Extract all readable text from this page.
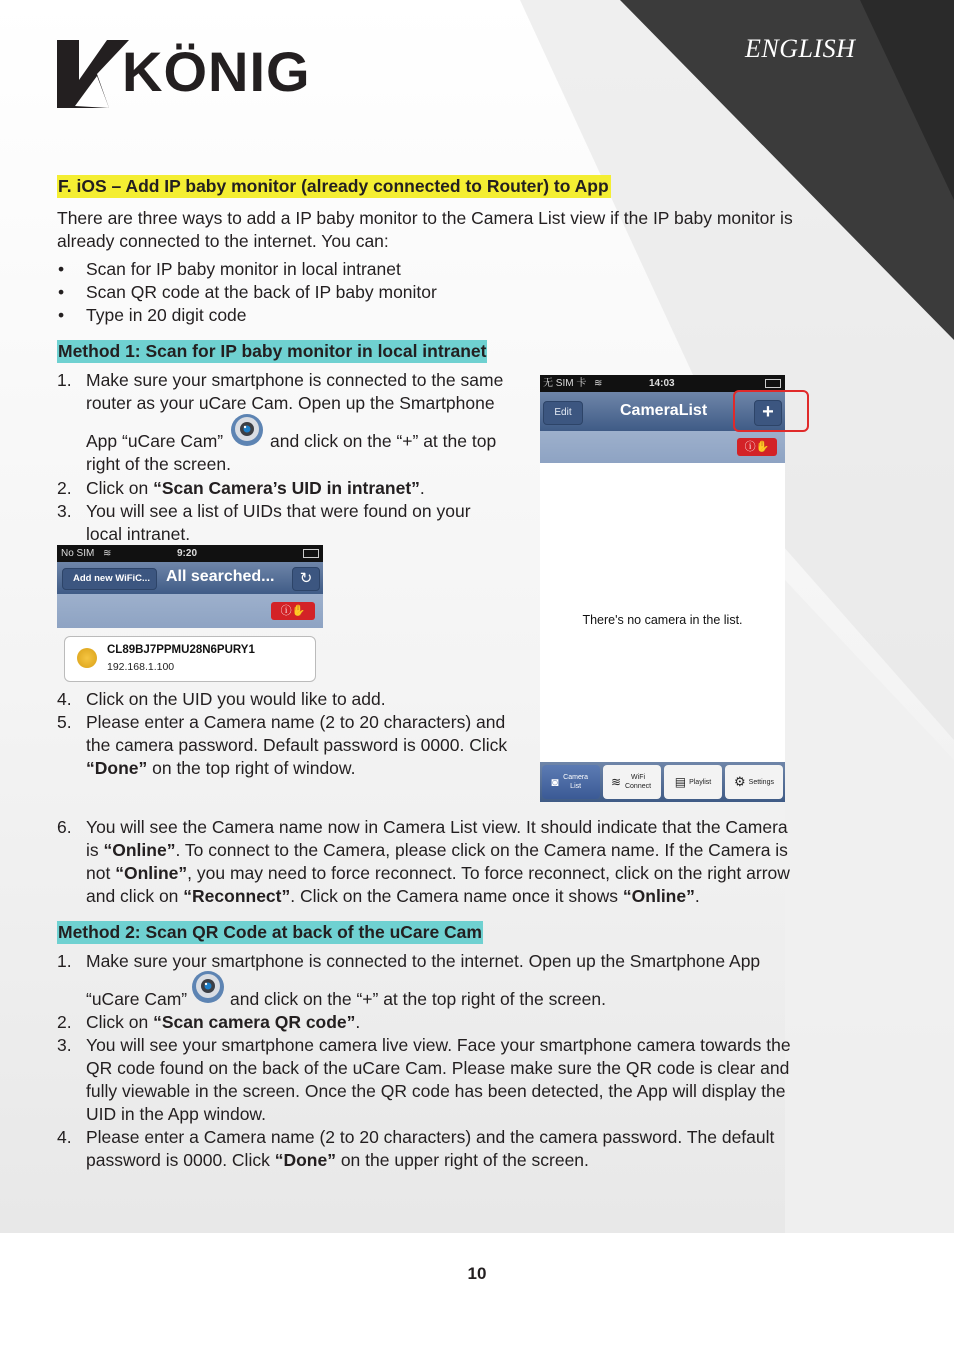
KÖNIG	ENGLISH
F. iOS – Add IP baby monitor (already connected to Router) to App
There are three ways to add a IP baby monitor to the Camera List view if the IP baby monitor is
already connected to the internet. You can:
• Scan for IP baby monitor in local intranet
• Scan QR code at the back of IP baby monitor
• Type in 20 digit code
Method 1: Scan for IP baby monitor in local intranet
1. Make sure your smartphone is connected to the same
router as your uCare Cam. Open up the Smartphone
App “uCare Cam”	and click on the “+” at the top
right of the screen.
2. Click on “Scan Camera’s UID in intranet”.
3. You will see a list of UIDs that were found on your
local intranet.
No SIM ≋	9:20
Add new WiFiC...	All searched...	↻
ⓘ✋
CL89BJ7PPMU28N6PURY1
192.168.1.100
无 SIM 卡 ≋	14:03
Edit	CameraList	+
ⓘ✋
There's no camera in the list.
◙ Camera List	≋	WiFi Connect ▤ Playlist ⚙ Settings
4. Click on the UID you would like to add.
5. Please enter a Camera name (2 to 20 characters) and
the camera password. Default password is 0000. Click
“Done” on the top right of window.
6. You will see the Camera name now in Camera List view. It should indicate that the Camera
is “Online”. To connect to the Camera, please click on the Camera name. If the Camera is
not “Online”, you may need to force reconnect. To force reconnect, click on the right arrow
and click on “Reconnect”. Click on the Camera name once it shows “Online”.
Method 2: Scan QR Code at back of the uCare Cam
1. Make sure your smartphone is connected to the internet. Open up the Smartphone App
“uCare Cam” and click on the “+” at the top right of the screen.
2. Click on “Scan camera QR code”.
3. You will see your smartphone camera live view. Face your smartphone camera towards the
QR code found on the back of the uCare Cam. Please make sure the QR code is clear and
fully viewable in the screen. Once the QR code has been detected, the App will display the
UID in the App window.
4. Please enter a Camera name (2 to 20 characters) and the camera password. The default
password is 0000. Click “Done” on the upper right of the screen.
10
